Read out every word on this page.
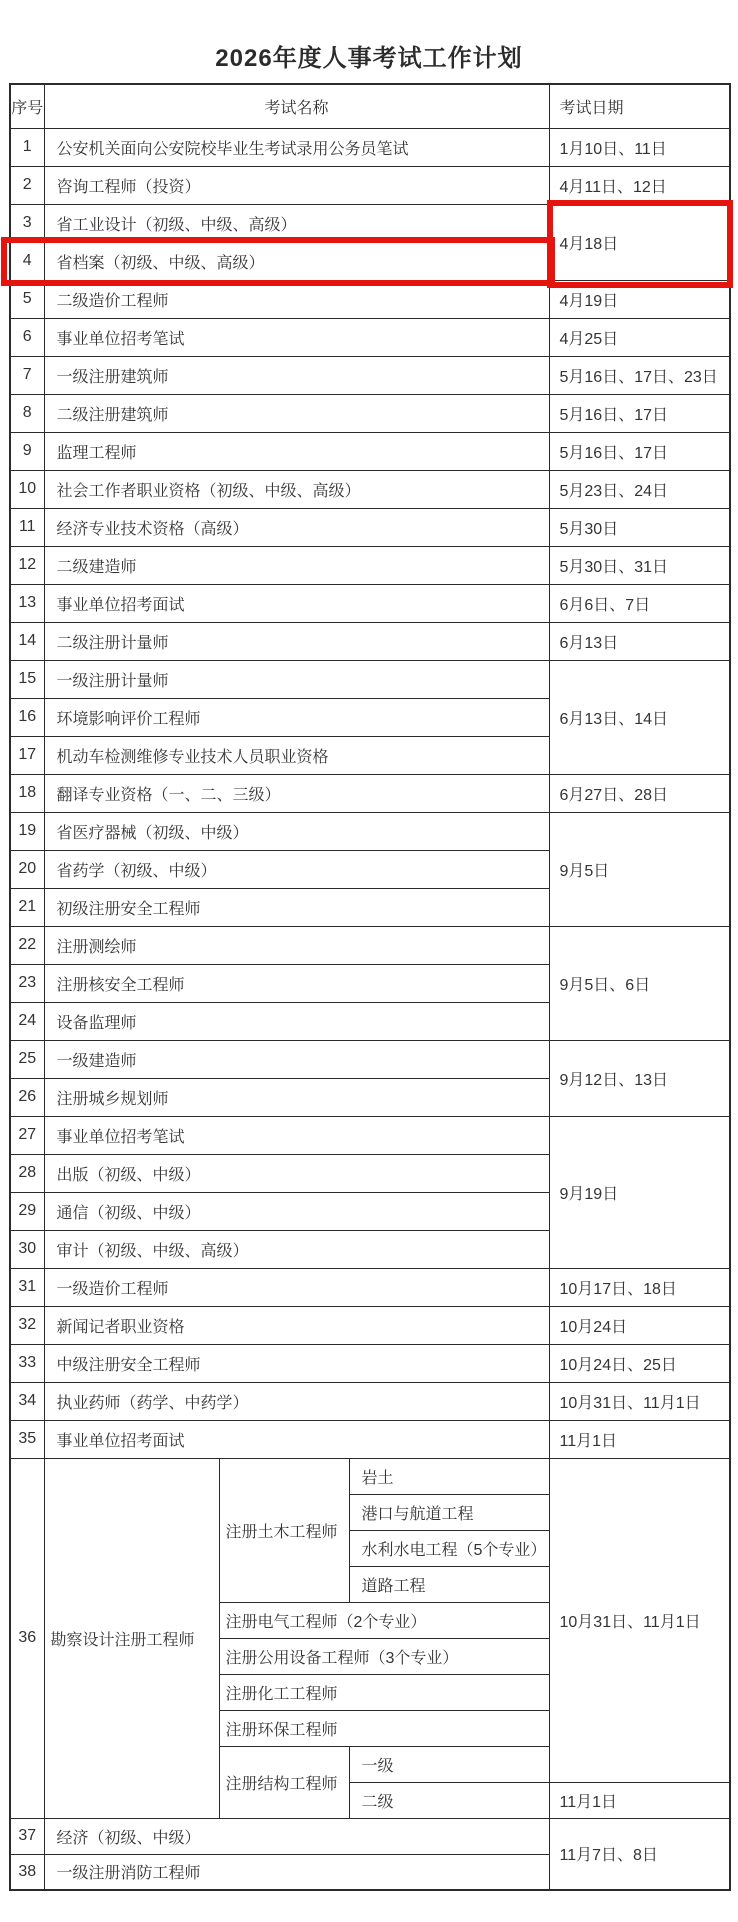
2026年度人事考试工作计划
序号	考试名称			考试日期
1	公安机关面向公安院校毕业生考试录用公务员笔试			1月10日、11日
2	咨询工程师（投资）			4月11日、12日
3	省工业设计（初级、中级、高级）			4月18日
4	省档案（初级、中级、高级）			
5	二级造价工程师			4月19日
6	事业单位招考笔试			4月25日
7	一级注册建筑师			5月16日、17日、23日
8	二级注册建筑师			5月16日、17日
9	监理工程师			5月16日、17日
10	社会工作者职业资格（初级、中级、高级）			5月23日、24日
11	经济专业技术资格（高级）			5月30日
12	二级建造师			5月30日、31日
13	事业单位招考面试			6月6日、7日
14	二级注册计量师			6月13日
15	一级注册计量师			6月13日、14日
16	环境影响评价工程师			
17	机动车检测维修专业技术人员职业资格			
18	翻译专业资格（一、二、三级）			6月27日、28日
19	省医疗器械（初级、中级）			9月5日
20	省药学（初级、中级）			
21	初级注册安全工程师			
22	注册测绘师			9月5日、6日
23	注册核安全工程师			
24	设备监理师			
25	一级建造师			9月12日、13日
26	注册城乡规划师			
27	事业单位招考笔试			9月19日
28	出版（初级、中级）			
29	通信（初级、中级）			
30	审计（初级、中级、高级）			
31	一级造价工程师			10月17日、18日
32	新闻记者职业资格			10月24日
33	中级注册安全工程师			10月24日、25日
34	执业药师（药学、中药学）			10月31日、11月1日
35	事业单位招考面试			11月1日
36	勘察设计注册工程师	注册土木工程师	岩土	10月31日、11月1日
			港口与航道工程	
			水利水电工程（5个专业）	
			道路工程	
		注册电气工程师（2个专业）		
		注册公用设备工程师（3个专业）		
		注册化工工程师		
		注册环保工程师		
		注册结构工程师	一级	
			二级	11月1日
37	经济（初级、中级）			11月7日、8日
38	一级注册消防工程师			
